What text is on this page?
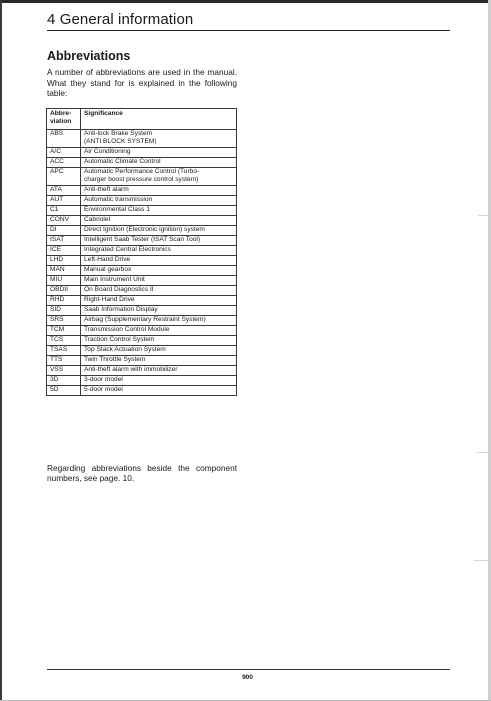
4 General information
Abbreviations
A number of abbreviations are used in the manual. What they stand for is explained in the following table:
Abbre-
viation	Significance
ABS	Anti-lock Brake System
(ANTI BLOCK SYSTEM)
A/C	Air Conditioning
ACC	Automatic Climate Control
APC	Automatic Performance Control (Turbo-
charger boost pressure control system)
ATA	Anti-theft alarm
AUT	Automatic transmission
C1	Environmental Class 1
CONV	Cabriolet
DI	Direct Ignition (Electronic ignition) system
ISAT	Intelligent Saab Tester (ISAT Scan Tool)
ICE	Integrated Central Electronics
LHD	Left-Hand Drive
MAN	Manual gearbox
MIU	Main Instrument Unit
OBDII	On Board Diagnostics II
RHD	Right-Hand Drive
SID	Saab Information Display
SRS	Airbag (Supplementary Restraint System)
TCM	Transmission Control Module
TCS	Traction Control System
TSAS	Top Stack Actuation System
TTS	Twin Throttle System
VSS	Anti-theft alarm with immobilizer
3D	3-door model
5D	5-door model
Regarding abbreviations beside the component numbers, see page. 10.
900
